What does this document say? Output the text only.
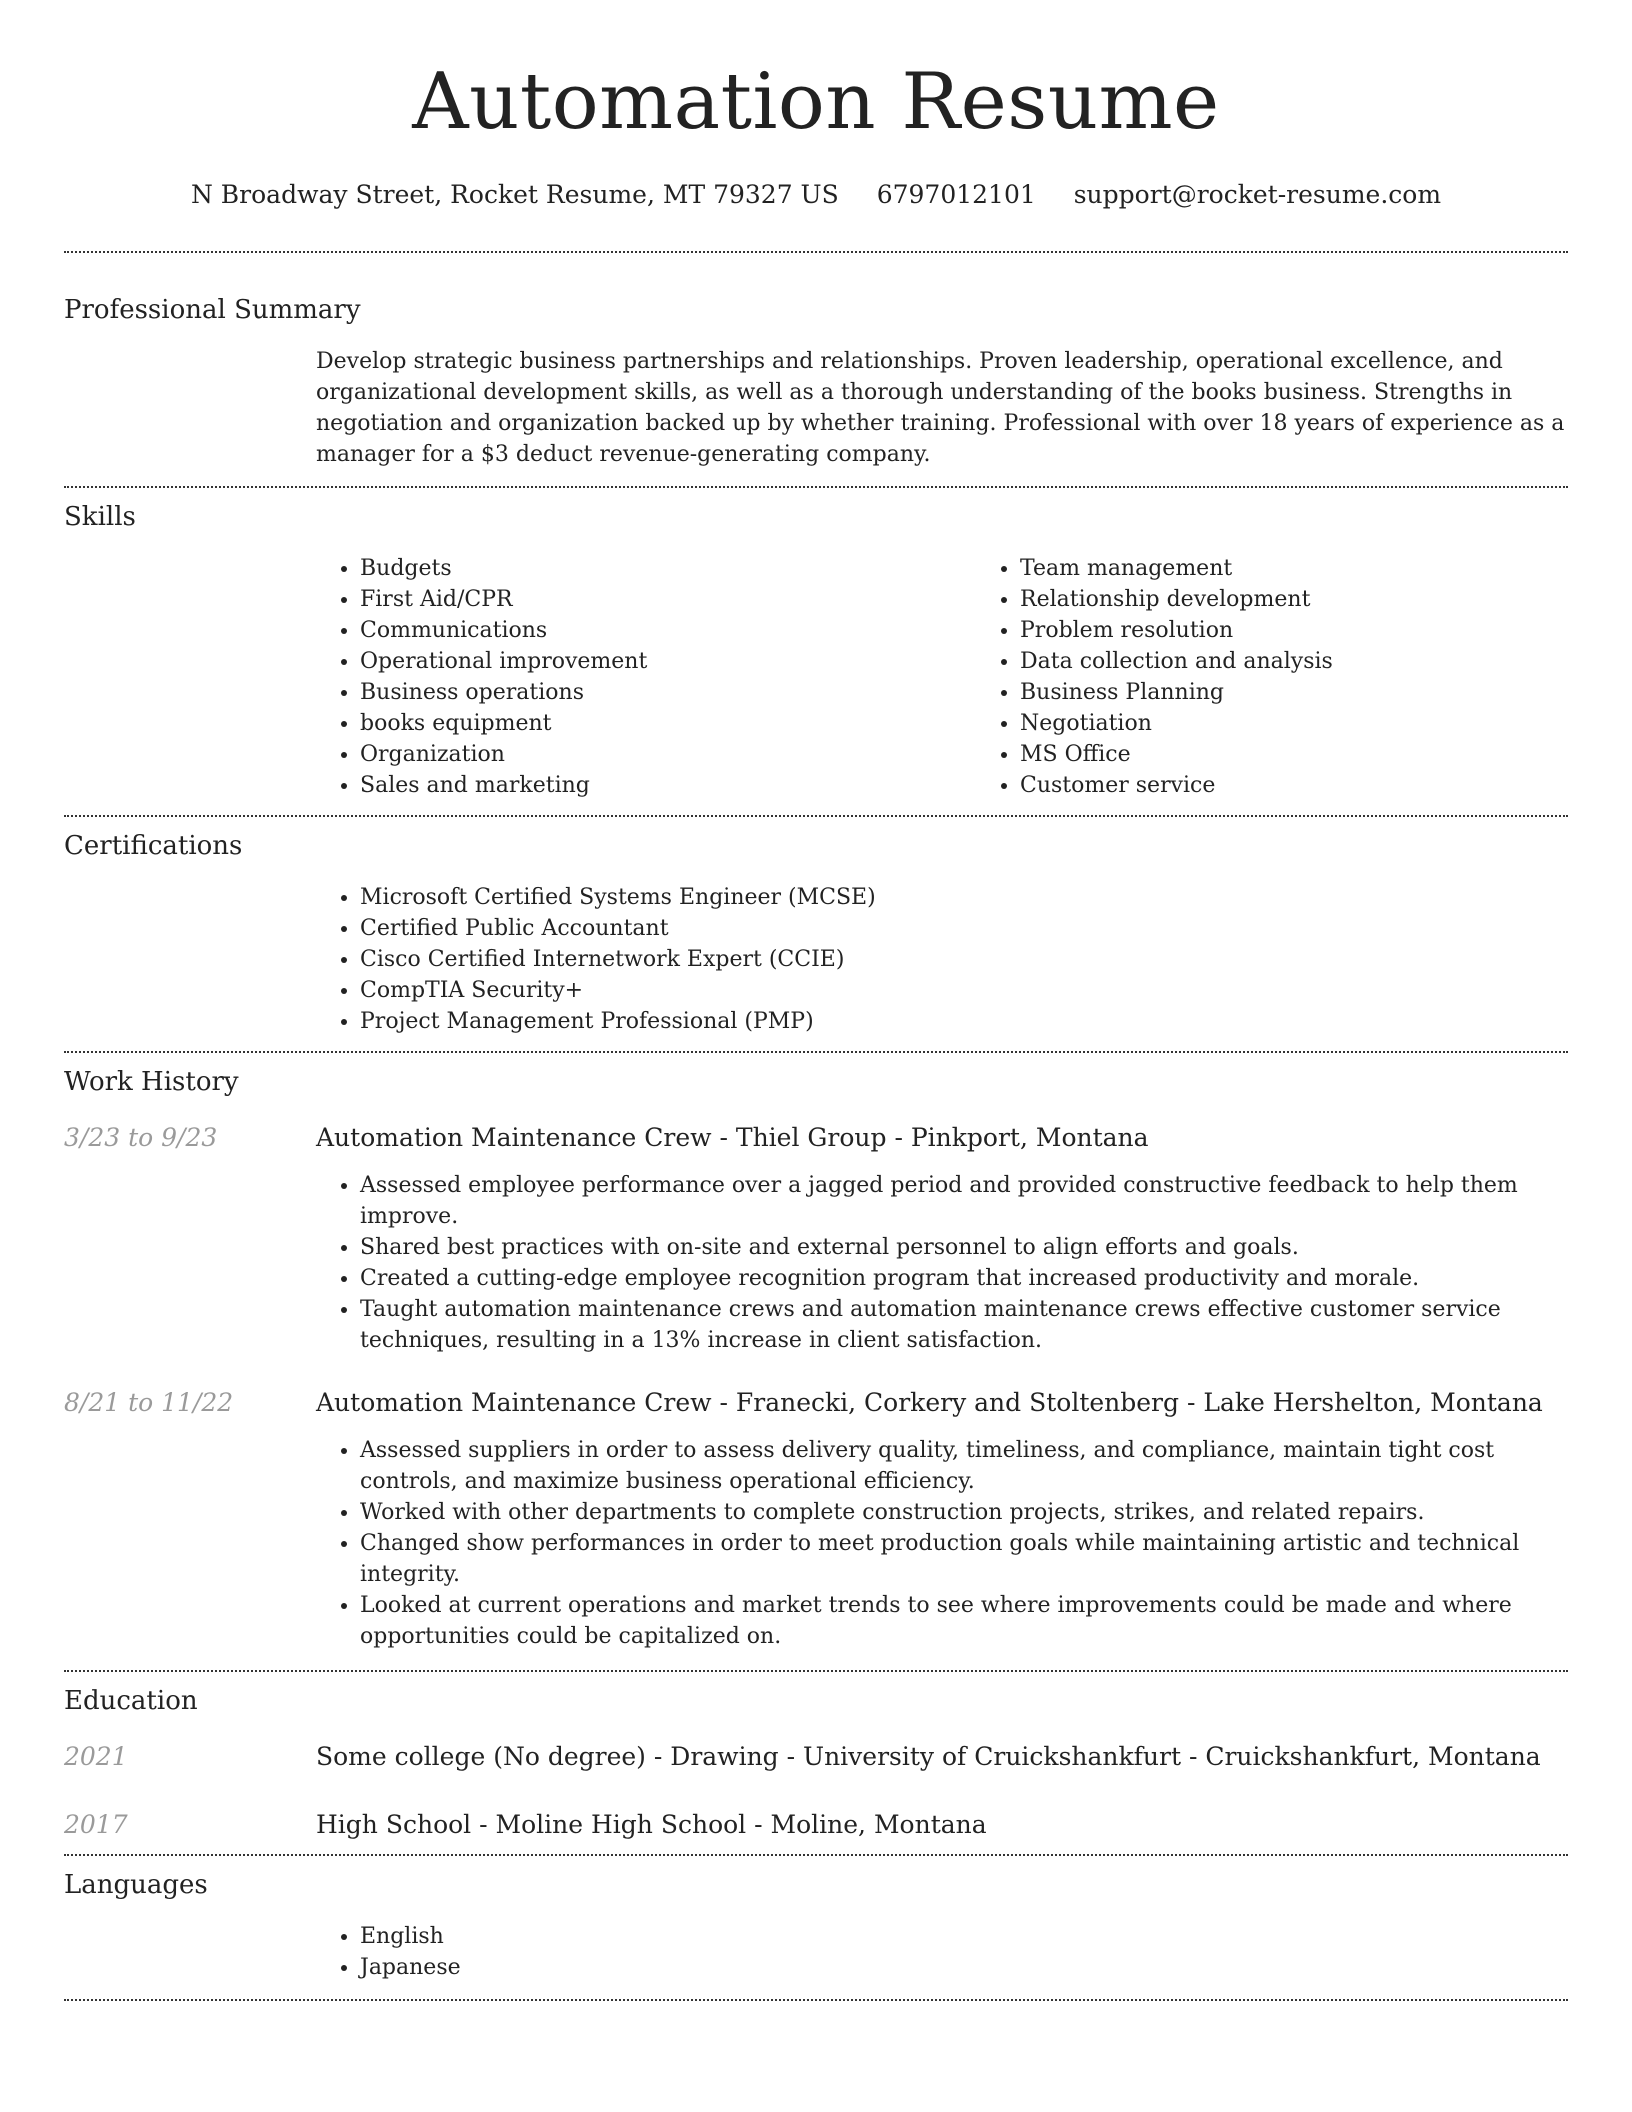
Automation Resume
N Broadway Street, Rocket Resume, MT 79327 US 6797012101 support@rocket-resume.com
Professional Summary

Develop strategic business partnerships and relationships. Proven leadership, operational excellence, and organizational development skills, as well as a thorough understanding of the books business. Strengths in negotiation and organization backed up by whether training. Professional with over 18 years of experience as a manager for a $3 deduct revenue-generating company.

Skills
• Budgets
• First Aid/CPR
• Communications
• Operational improvement
• Business operations
• books equipment
• Organization
• Sales and marketing
• Team management
• Relationship development
• Problem resolution
• Data collection and analysis
• Business Planning
• Negotiation
• MS Office
• Customer service
Certifications
• Microsoft Certified Systems Engineer (MCSE)
• Certified Public Accountant
• Cisco Certified Internetwork Expert (CCIE)
• CompTIA Security+
• Project Management Professional (PMP)
Work History
3/23 to 9/23	Automation Maintenance Crew - Thiel Group - Pinkport, Montana
• Assessed employee performance over a jagged period and provided constructive feedback to help them improve.
• Shared best practices with on-site and external personnel to align efforts and goals.
• Created a cutting-edge employee recognition program that increased productivity and morale.
• Taught automation maintenance crews and automation maintenance crews effective customer service techniques, resulting in a 13% increase in client satisfaction.
8/21 to 11/22	Automation Maintenance Crew - Franecki, Corkery and Stoltenberg - Lake Hershelton, Montana
• Assessed suppliers in order to assess delivery quality, timeliness, and compliance, maintain tight cost controls, and maximize business operational efficiency.
• Worked with other departments to complete construction projects, strikes, and related repairs.
• Changed show performances in order to meet production goals while maintaining artistic and technical integrity.
• Looked at current operations and market trends to see where improvements could be made and where opportunities could be capitalized on.
Education
2021	Some college (No degree) - Drawing - University of Cruickshankfurt - Cruickshankfurt, Montana
2017	High School - Moline High School - Moline, Montana
Languages
• English
• Japanese
